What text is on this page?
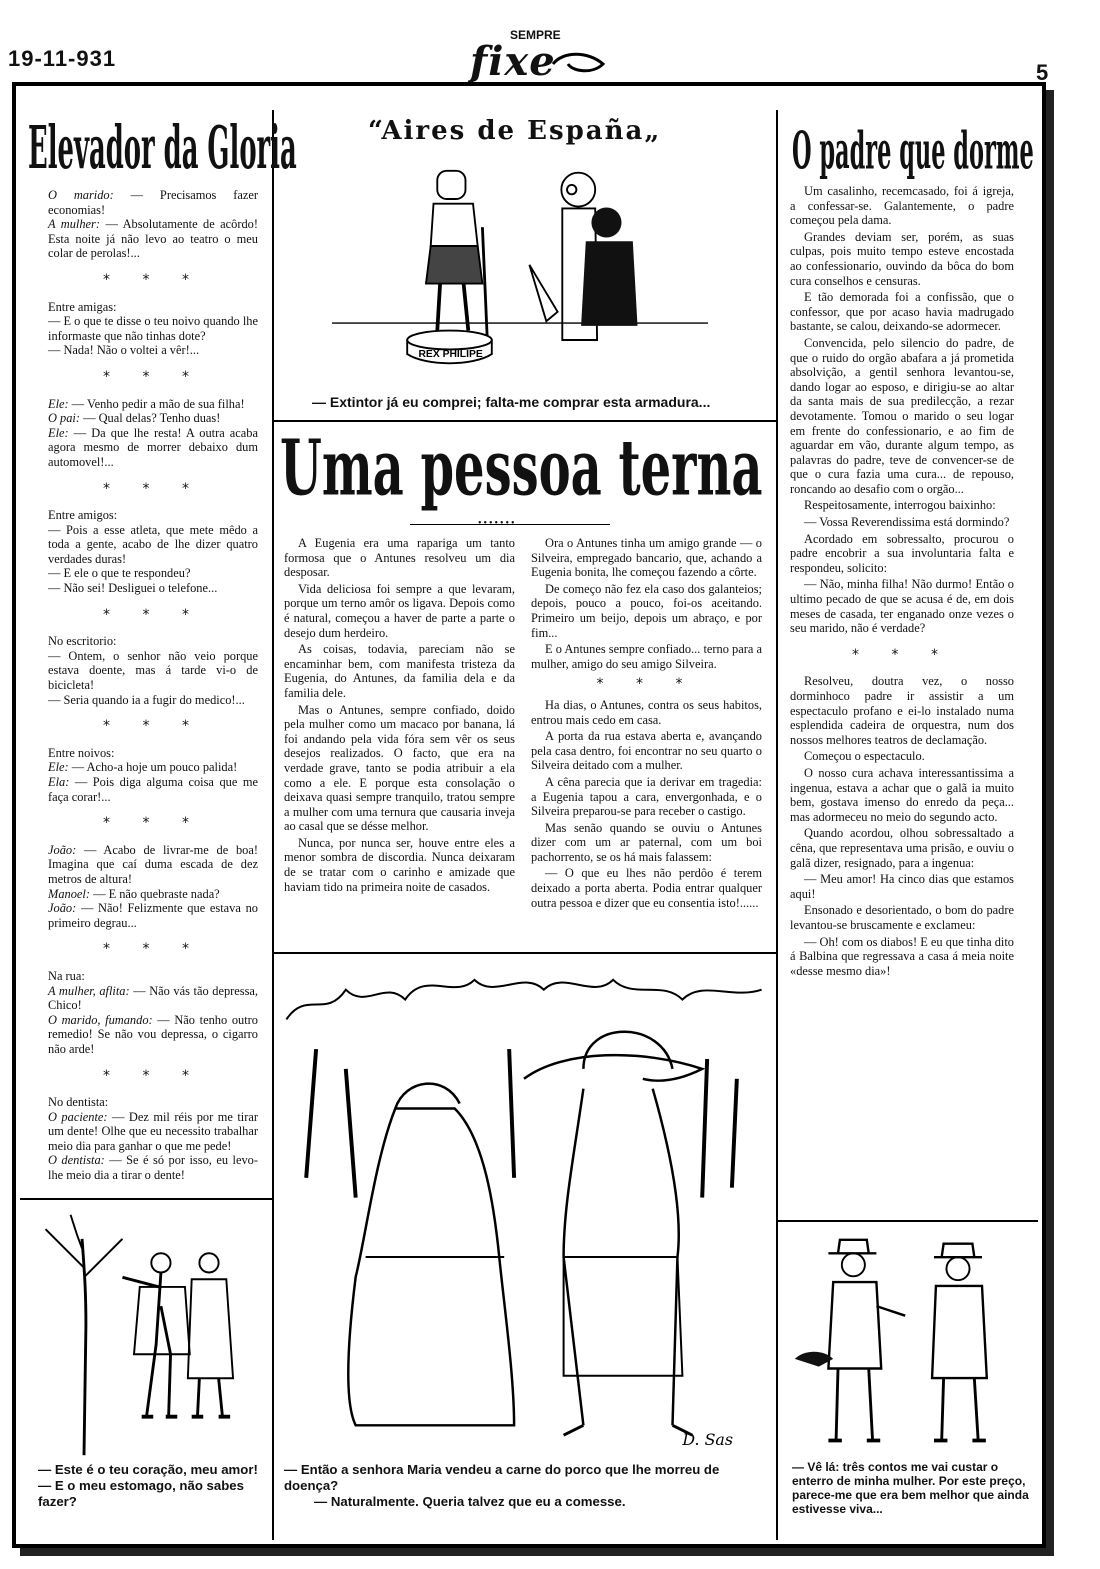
19-11-931
SEMPRE
fixe	5
Elevador da Gloria

O marido: — Precisamos fazer economias!

A mulher: — Absolutamente de acôrdo! Esta noite já não levo ao teatro o meu colar de perolas!...

* * *

Entre amigas:

— E o que te disse o teu noivo quando lhe informaste que não tinhas dote?

— Nada! Não o voltei a vêr!...

* * *

Ele: — Venho pedir a mão de sua filha!

O pai: — Qual delas? Tenho duas!

Ele: — Da que lhe resta! A outra acaba agora mesmo de morrer debaixo dum automovel!...

* * *

Entre amigos:

— Pois a esse atleta, que mete mêdo a toda a gente, acabo de lhe dizer quatro verdades duras!

— E ele o que te respondeu?

— Não sei! Desliguei o telefone...

* * *

No escritorio:

— Ontem, o senhor não veio porque estava doente, mas á tarde vi-o de bicicleta!

— Seria quando ia a fugir do medico!...

* * *

Entre noivos:

Ele: — Acho-a hoje um pouco palida!

Ela: — Pois diga alguma coisa que me faça corar!...

* * *

João: — Acabo de livrar-me de boa! Imagina que caí duma escada de dez metros de altura!

Manoel: — E não quebraste nada?

João: — Não! Felizmente que estava no primeiro degrau...

* * *

Na rua:

A mulher, aflita: — Não vás tão depressa, Chico!

O marido, fumando: — Não tenho outro remedio! Se não vou depressa, o cigarro não arde!

* * *

No dentista:

O paciente: — Dez mil réis por me tirar um dente! Olhe que eu necessito trabalhar meio dia para ganhar o que me pede!

O dentista: — Se é só por isso, eu levo-lhe meio dia a tirar o dente!

— Este é o teu coração, meu amor!
— E o meu estomago, não sabes fazer?
“Aires de España„
REX PHILIPE
— Extintor já eu comprei; falta-me comprar esta armadura...
Uma pessoa terna

A Eugenia era uma rapariga um tanto formosa que o Antunes resolveu um dia desposar.

Vida deliciosa foi sempre a que levaram, porque um terno amôr os ligava. Depois como é natural, começou a haver de parte a parte o desejo dum herdeiro.

As coisas, todavia, pareciam não se encaminhar bem, com manifesta tristeza da Eugenia, do Antunes, da familia dela e da familia dele.

Mas o Antunes, sempre confiado, doido pela mulher como um macaco por banana, lá foi andando pela vida fóra sem vêr os seus desejos realizados. O facto, que era na verdade grave, tanto se podia atribuir a ela como a ele. E porque esta consolação o deixava quasi sempre tranquilo, tratou sempre a mulher com uma ternura que causaria inveja ao casal que se désse melhor.

Nunca, por nunca ser, houve entre eles a menor sombra de discordia. Nunca deixaram de se tratar com o carinho e amizade que haviam tido na primeira noite de casados.

Ora o Antunes tinha um amigo grande — o Silveira, empregado bancario, que, achando a Eugenia bonita, lhe começou fazendo a côrte.

De começo não fez ela caso dos galanteios; depois, pouco a pouco, foi-os aceitando. Primeiro um beijo, depois um abraço, e por fim...

E o Antunes sempre confiado... terno para a mulher, amigo do seu amigo Silveira.

* * *

Ha dias, o Antunes, contra os seus habitos, entrou mais cedo em casa.

A porta da rua estava aberta e, avançando pela casa dentro, foi encontrar no seu quarto o Silveira deitado com a mulher.

A cêna parecia que ia derivar em tragedia: a Eugenia tapou a cara, envergonhada, e o Silveira preparou-se para receber o castigo.

Mas senão quando se ouviu o Antunes dizer com um ar paternal, com um boi pachorrento, se os há mais falassem:

— O que eu lhes não perdôo é terem deixado a porta aberta. Podia entrar qualquer outra pessoa e dizer que eu consentia isto!......

D. Sas
— Então a senhora Maria vendeu a carne do porco que lhe morreu de doença?
— Naturalmente. Queria talvez que eu a comesse.
O padre que dorme

Um casalinho, recemcasado, foi á igreja, a confessar-se. Galantemente, o padre começou pela dama.

Grandes deviam ser, porém, as suas culpas, pois muito tempo esteve encostada ao confessionario, ouvindo da bôca do bom cura conselhos e censuras.

E tão demorada foi a confissão, que o confessor, que por acaso havia madrugado bastante, se calou, deixando-se adormecer.

Convencida, pelo silencio do padre, de que o ruido do orgão abafara a já prometida absolvição, a gentil senhora levantou-se, dando logar ao esposo, e dirigiu-se ao altar da santa mais de sua predilecção, a rezar devotamente. Tomou o marido o seu logar em frente do confessionario, e ao fim de aguardar em vão, durante algum tempo, as palavras do padre, teve de convencer-se de que o cura fazia uma cura... de repouso, roncando ao desafio com o orgão...

Respeitosamente, interrogou baixinho:

— Vossa Reverendissima está dormindo?

Acordado em sobressalto, procurou o padre encobrir a sua involuntaria falta e respondeu, solicito:

— Não, minha filha! Não durmo! Então o ultimo pecado de que se acusa é de, em dois meses de casada, ter enganado onze vezes o seu marido, não é verdade?

* * *

Resolveu, doutra vez, o nosso dorminhoco padre ir assistir a um espectaculo profano e ei-lo instalado numa esplendida cadeira de orquestra, num dos nossos melhores teatros de declamação.

Começou o espectaculo.

O nosso cura achava interessantissima a ingenua, estava a achar que o galã ia muito bem, gostava imenso do enredo da peça... mas adormeceu no meio do segundo acto.

Quando acordou, olhou sobressaltado a cêna, que representava uma prisão, e ouviu o galã dizer, resignado, para a ingenua:

— Meu amor! Ha cinco dias que estamos aqui!

Ensonado e desorientado, o bom do padre levantou-se bruscamente e exclameu:

— Oh! com os diabos! E eu que tinha dito á Balbina que regressava a casa á meia noite «desse mesmo dia»!

— Vê lá: três contos me vai custar o enterro de minha mulher. Por este preço, parece-me que era bem melhor que ainda estivesse viva...
